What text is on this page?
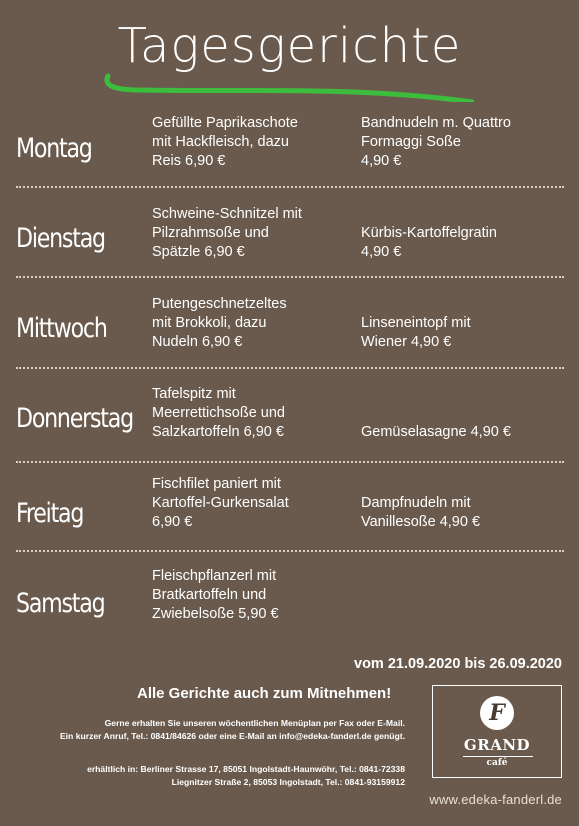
Tagesgerichte
Montag
Gefüllte Paprikaschote
mit Hackfleisch, dazu
Reis 6,90 €
Bandnudeln m. Quattro
Formaggi Soße
4,90 €
Dienstag
Schweine-Schnitzel mit
Pilzrahmsoße und
Spätzle 6,90 €
Kürbis-Kartoffelgratin
4,90 €
Mittwoch
Putengeschnetzeltes
mit Brokkoli, dazu
Nudeln 6,90 €
Linseneintopf mit
Wiener 4,90 €
Donnerstag
Tafelspitz mit
Meerrettichsoße und
Salzkartoffeln 6,90 €	Gemüselasagne 4,90 €
Freitag
Fischfilet paniert mit
Kartoffel-Gurkensalat
6,90 €
Dampfnudeln mit
Vanillesoße 4,90 €
Samstag
Fleischpflanzerl mit
Bratkartoffeln und
Zwiebelsoße 5,90 €
vom 21.09.2020 bis 26.09.2020
Alle Gerichte auch zum Mitnehmen!
Gerne erhalten Sie unseren wöchentlichen Menüplan per Fax oder E-Mail.
Ein kurzer Anruf, Tel.: 0841/84626 oder eine E-Mail an info@edeka-fanderl.de genügt.
erhältlich in: Berliner Strasse 17, 85051 Ingolstadt-Haunwöhr, Tel.: 0841-72338
Liegnitzer Straße 2, 85053 Ingolstadt, Tel.: 0841-93159912
F
GRAND
café
www.edeka-fanderl.de
